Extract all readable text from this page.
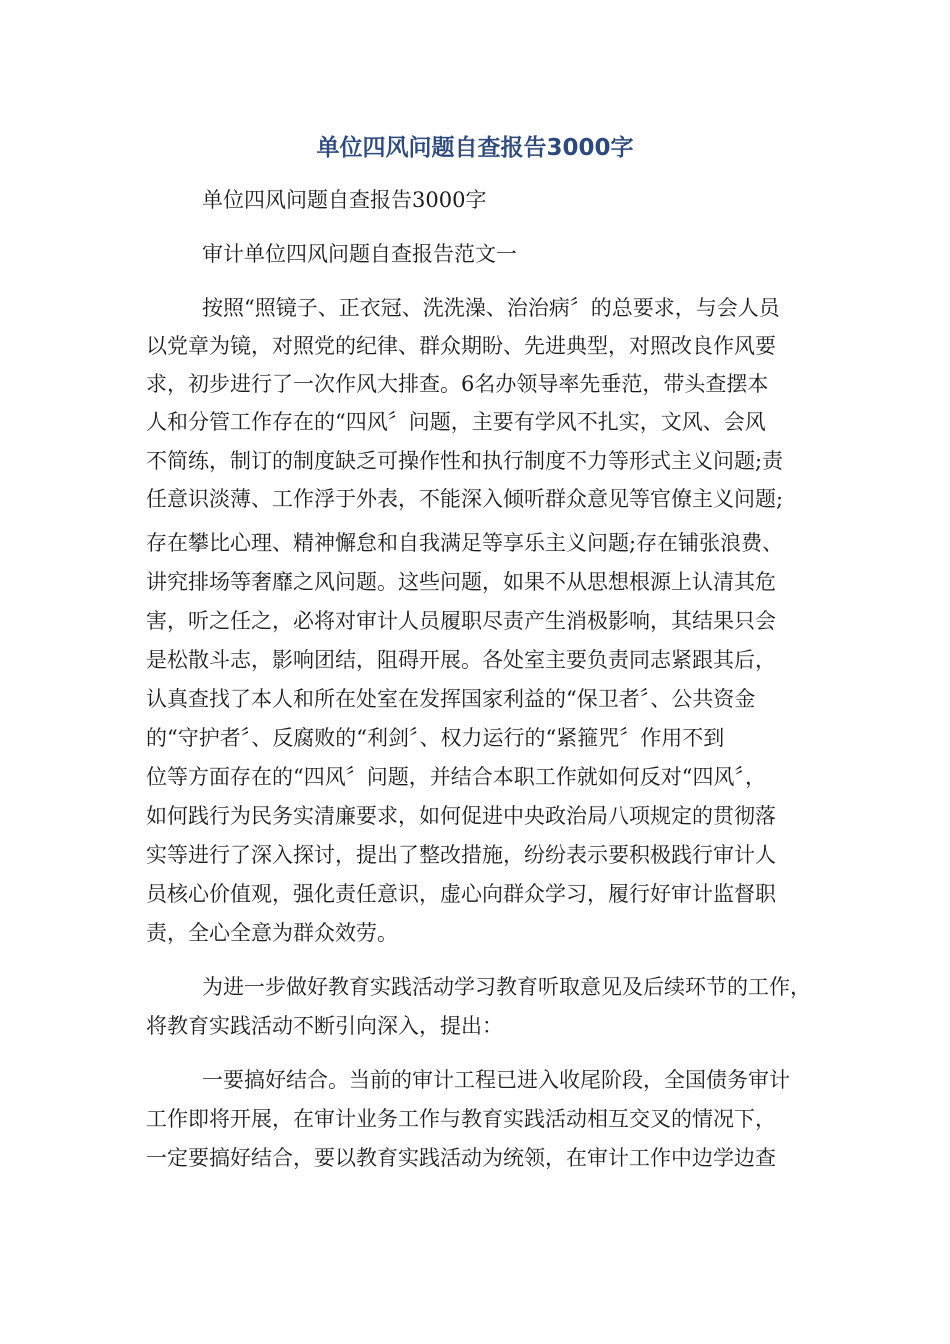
单位四风问题自查报告3000字

单位四风问题自查报告3000字

审计单位四风问题自查报告范文一

按照“照镜子、正衣冠、洗洗澡、治治病〞的总要求，与会人员

以党章为镜，对照党的纪律、群众期盼、先进典型，对照改良作风要

求，初步进行了一次作风大排查。6名办领导率先垂范，带头查摆本

人和分管工作存在的“四风〞问题，主要有学风不扎实，文风、会风

不简练，制订的制度缺乏可操作性和执行制度不力等形式主义问题;责

任意识淡薄、工作浮于外表，不能深入倾听群众意见等官僚主义问题;

存在攀比心理、精神懈怠和自我满足等享乐主义问题;存在铺张浪费、

讲究排场等奢靡之风问题。这些问题，如果不从思想根源上认清其危

害，听之任之，必将对审计人员履职尽责产生消极影响，其结果只会

是松散斗志，影响团结，阻碍开展。各处室主要负责同志紧跟其后，

认真查找了本人和所在处室在发挥国家利益的“保卫者〞、公共资金

的“守护者〞、反腐败的“利剑〞、权力运行的“紧箍咒〞作用不到

位等方面存在的“四风〞问题，并结合本职工作就如何反对“四风〞，

如何践行为民务实清廉要求，如何促进中央政治局八项规定的贯彻落

实等进行了深入探讨，提出了整改措施，纷纷表示要积极践行审计人

员核心价值观，强化责任意识，虚心向群众学习，履行好审计监督职

责，全心全意为群众效劳。

为进一步做好教育实践活动学习教育听取意见及后续环节的工作，

将教育实践活动不断引向深入，提出：

一要搞好结合。当前的审计工程已进入收尾阶段，全国债务审计

工作即将开展，在审计业务工作与教育实践活动相互交叉的情况下，

一定要搞好结合，要以教育实践活动为统领，在审计工作中边学边查
